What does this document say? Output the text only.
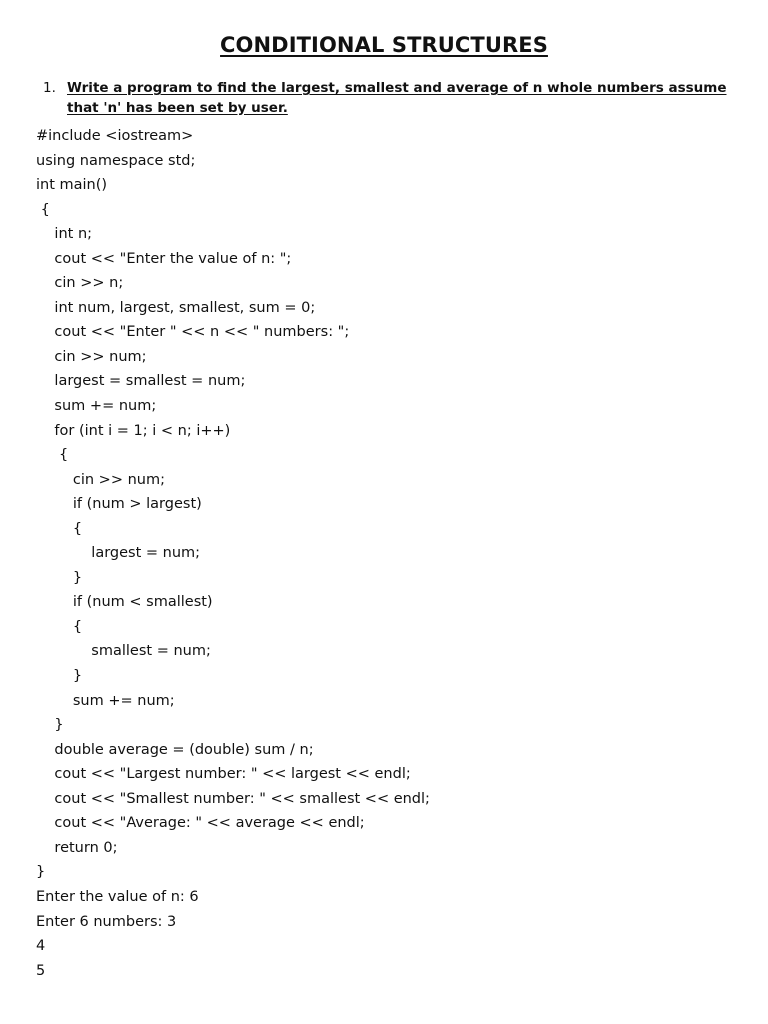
CONDITIONAL STRUCTURES
1. Write a program to find the largest, smallest and average of n whole numbers assume that 'n' has been set by user.
#include <iostream>
using namespace std;
int main()
{
int n;
cout << "Enter the value of n: ";
cin >> n;
int num, largest, smallest, sum = 0;
cout << "Enter " << n << " numbers: ";
cin >> num;
largest = smallest = num;
sum += num;
for (int i = 1; i < n; i++)
{
cin >> num;
if (num > largest)
{
largest = num;
}
if (num < smallest)
{
smallest = num;
}
sum += num;
}
double average = (double) sum / n;
cout << "Largest number: " << largest << endl;
cout << "Smallest number: " << smallest << endl;
cout << "Average: " << average << endl;
return 0;
}
Enter the value of n: 6
Enter 6 numbers: 3
4
5
